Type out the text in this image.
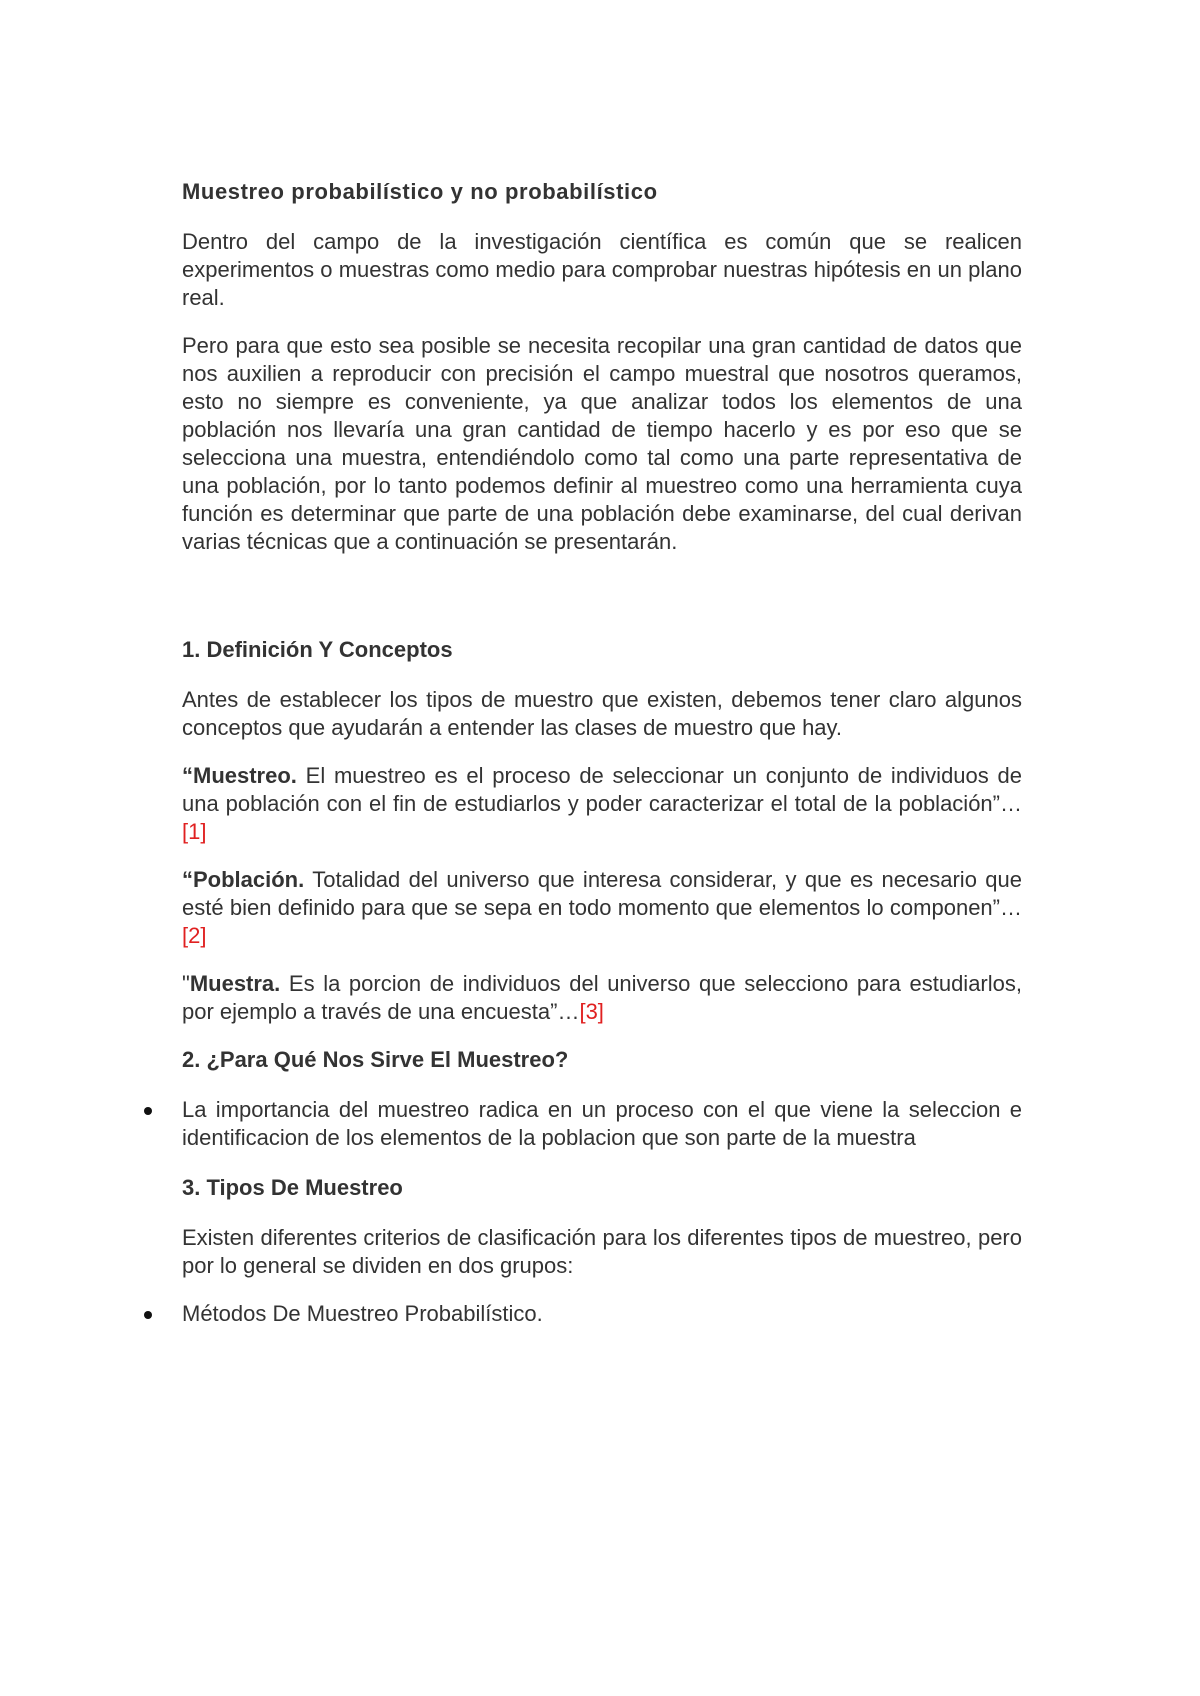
Muestreo probabilístico y no probabilístico

Dentro del campo de la investigación científica es común que se realicen experimentos o muestras como medio para comprobar nuestras hipótesis en un plano real.

Pero para que esto sea posible se necesita recopilar una gran cantidad de datos que nos auxilien a reproducir con precisión el campo muestral que nosotros queramos, esto no siempre es conveniente, ya que analizar todos los elementos de una población nos llevaría una gran cantidad de tiempo hacerlo y es por eso que se selecciona una muestra, entendiéndolo como tal como una parte representativa de una población, por lo tanto podemos definir al muestreo como una herramienta cuya función es determinar que parte de una población debe examinarse, del cual derivan varias técnicas que a continuación se presentarán.

1. Definición Y Conceptos

Antes de establecer los tipos de muestro que existen, debemos tener claro algunos conceptos que ayudarán a entender las clases de muestro que hay.

“Muestreo. El muestreo es el proceso de seleccionar un conjunto de individuos de una población con el fin de estudiarlos y poder caracterizar el total de la población”…[1]

“Población. Totalidad del universo que interesa considerar, y que es necesario que esté bien definido para que se sepa en todo momento que elementos lo componen”…[2]

"Muestra. Es la porcion de individuos del universo que selecciono para estudiarlos, por ejemplo a través de una encuesta”…[3]

2. ¿Para Qué Nos Sirve El Muestreo?
La importancia del muestreo radica en un proceso con el que viene la seleccion e identificacion de los elementos de la poblacion que son parte de la muestra
3. Tipos De Muestreo

Existen diferentes criterios de clasificación para los diferentes tipos de muestreo, pero por lo general se dividen en dos grupos:

Métodos De Muestreo Probabilístico.
